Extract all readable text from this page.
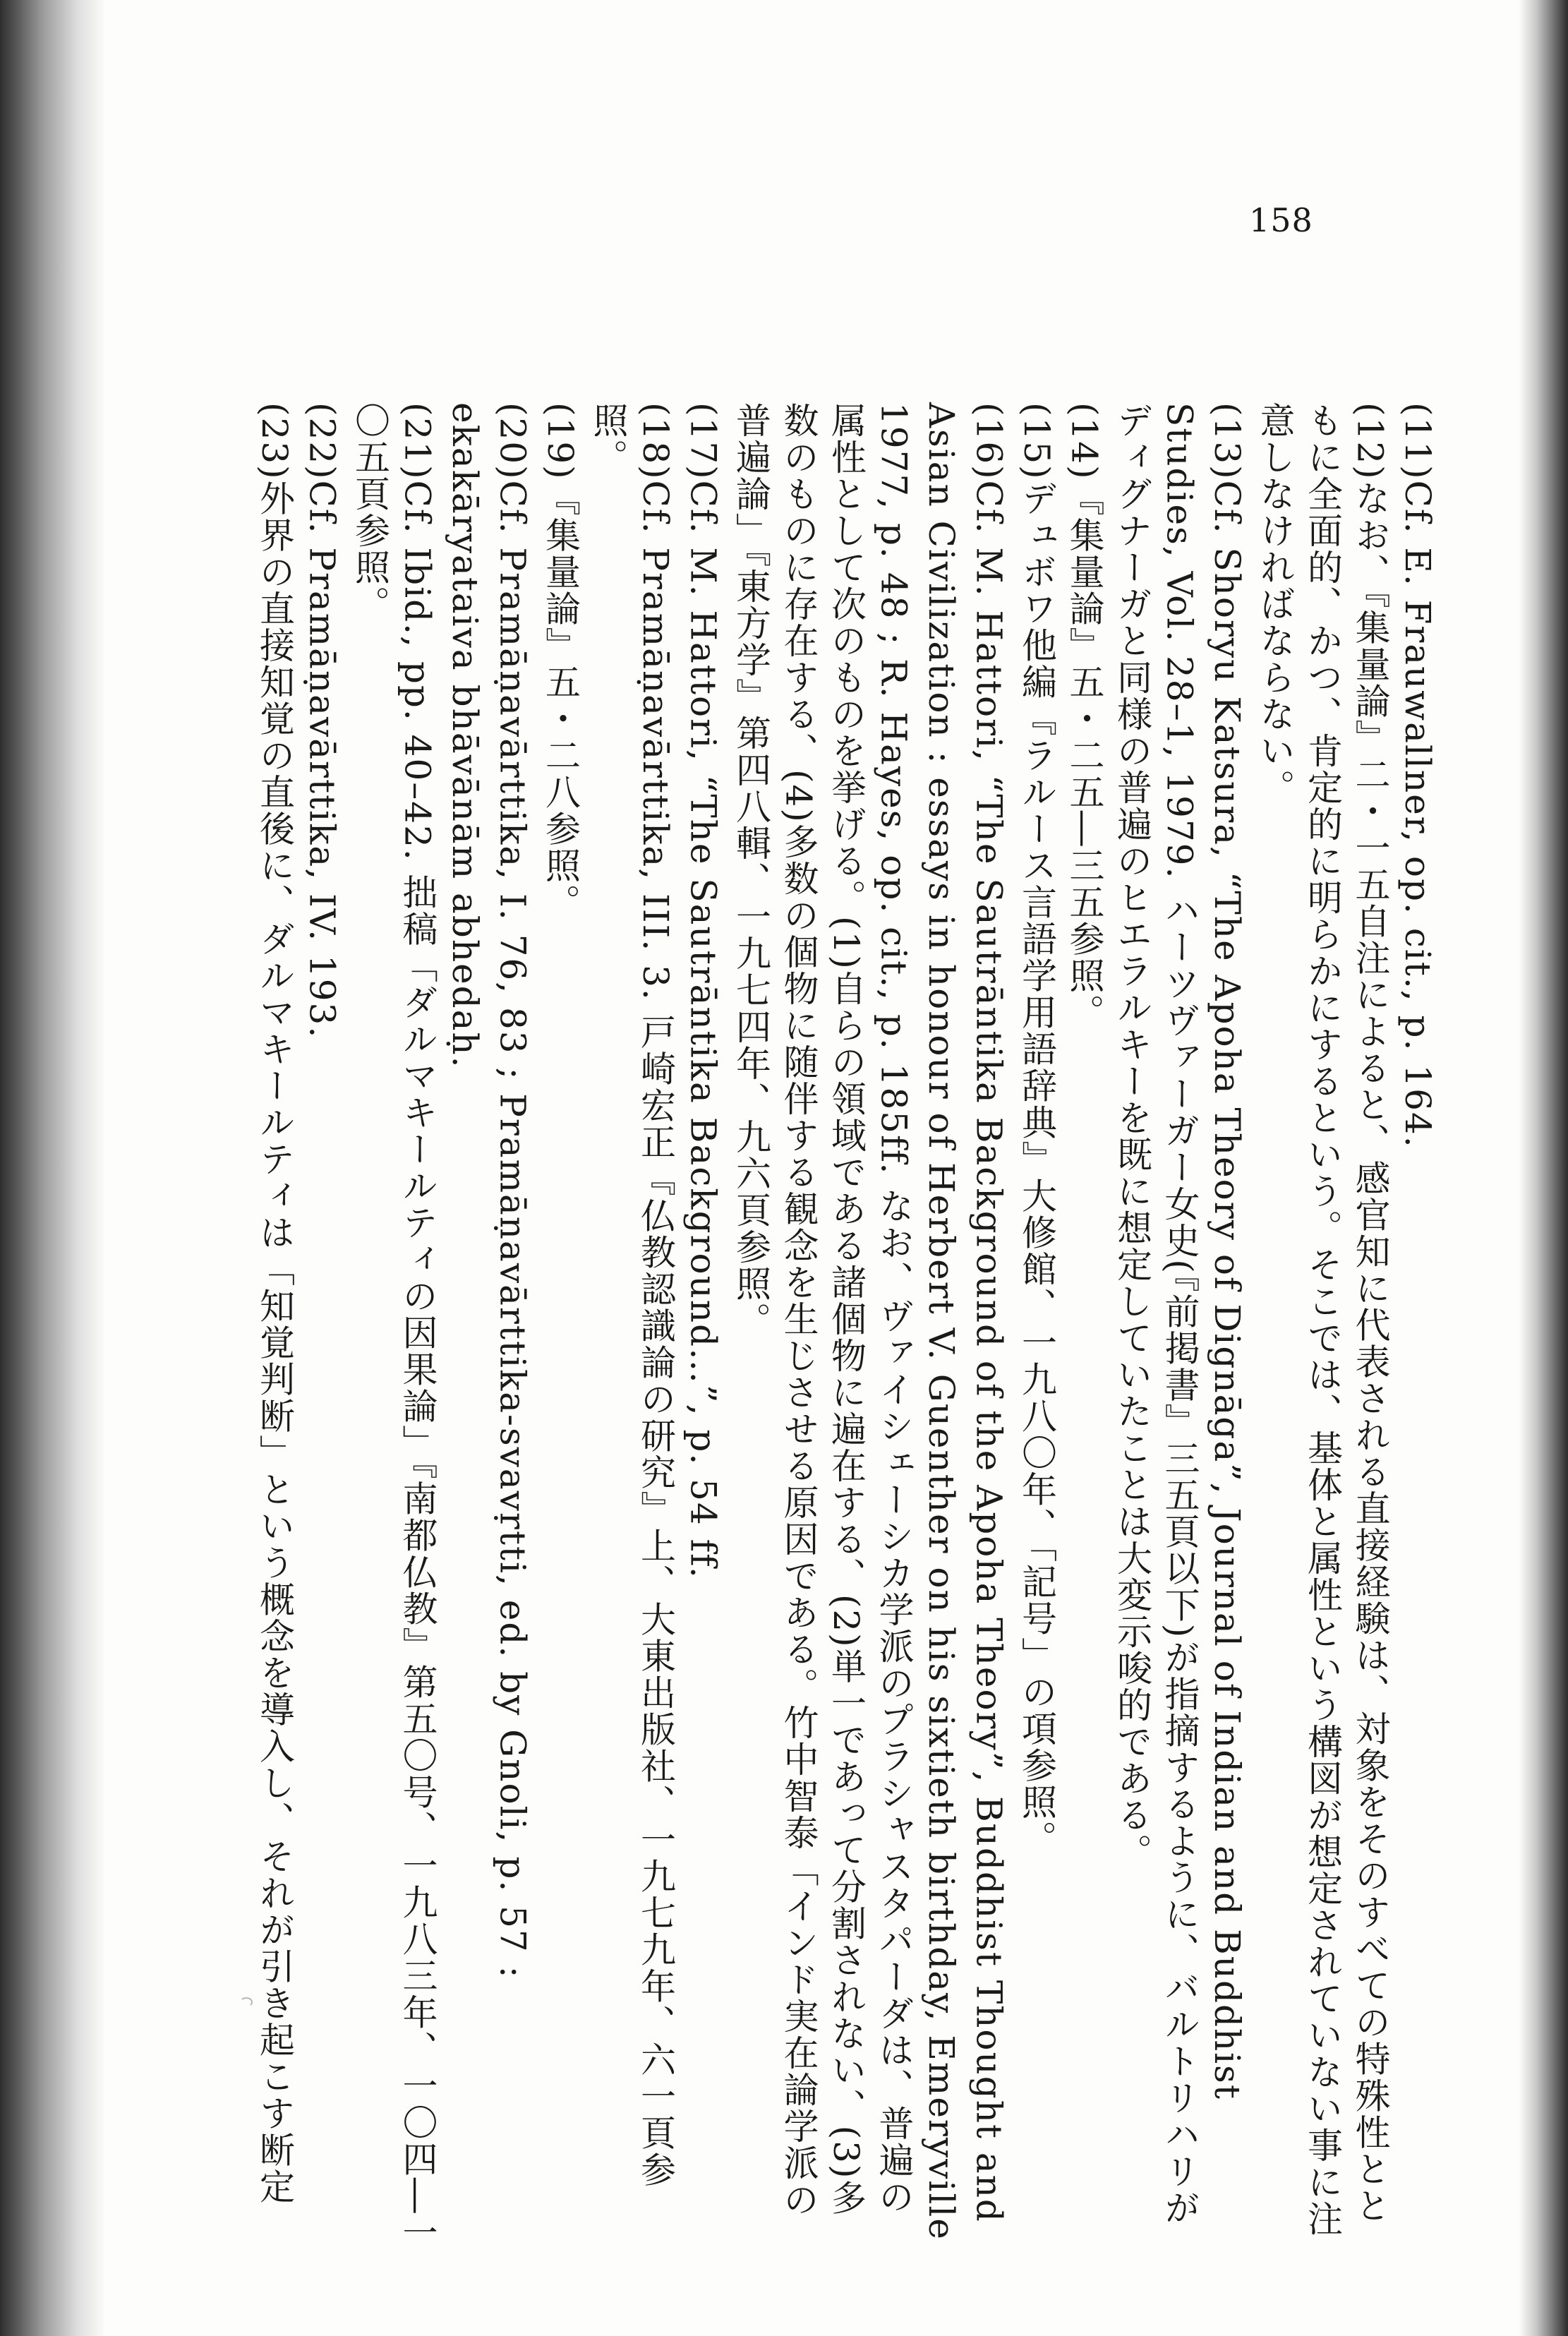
158

(11)Cf. E. Frauwallner, op. cit., p. 164.

(12)なお、『集量論』二・一五自注によると、感官知に代表される直接経験は、対象をそのすべての特殊性とともに全面的、かつ、肯定的に明らかにするという。そこでは、基体と属性という構図が想定されていない事に注意しなければならない。

(13)Cf. Shoryu Katsura, “The Apoha Theory of Dignāga”, Journal of Indian and Buddhist Studies, Vol. 28–1, 1979. ハーツヴァーガー女史(『前掲書』三五頁以下)が指摘するように、バルトリハリがディグナーガと同様の普遍のヒエラルキーを既に想定していたことは大変示唆的である。

(14)『集量論』五・二五―三五参照。

(15)デュボワ他編『ラルース言語学用語辞典』大修館、一九八〇年、「記号」の項参照。

(16)Cf. M. Hattori, “The Sautrāntika Background of the Apoha Theory”, Buddhist Thought and Asian Civilization : essays in honour of Herbert V. Guenther on his sixtieth birthday, Emeryville 1977, p. 48 ; R. Hayes, op. cit., p. 185ff. なお、ヴァイシェーシカ学派のプラシャスタパーダは、普遍の属性として次のものを挙げる。(1)自らの領域である諸個物に遍在する、(2)単一であって分割されない、(3)多数のものに存在する、(4)多数の個物に随伴する観念を生じさせる原因である。竹中智泰「インド実在論学派の普遍論」『東方学』第四八輯、一九七四年、九六頁参照。

(17)Cf. M. Hattori, “The Sautrāntika Background…”, p. 54 ff.

(18)Cf. Pramāṇavārttika, III. 3. 戸崎宏正『仏教認識論の研究』上、大東出版社、一九七九年、六一頁参照。

(19)『集量論』五・二八参照。

(20)Cf. Pramāṇavārttika, I. 76, 83 ; Pramāṇavārttika-svavṛtti, ed. by Gnoli, p. 57 : ekakāryataiva bhāvānām abhedaḥ.

(21)Cf. Ibid., pp. 40–42. 拙稿「ダルマキールティの因果論」『南都仏教』第五〇号、一九八三年、一〇四―一〇五頁参照。

(22)Cf. Pramāṇavārttika, IV. 193.

(23)外界の直接知覚の直後に、ダルマキールティは「知覚判断」という概念を導入し、それが引き起こす断定
